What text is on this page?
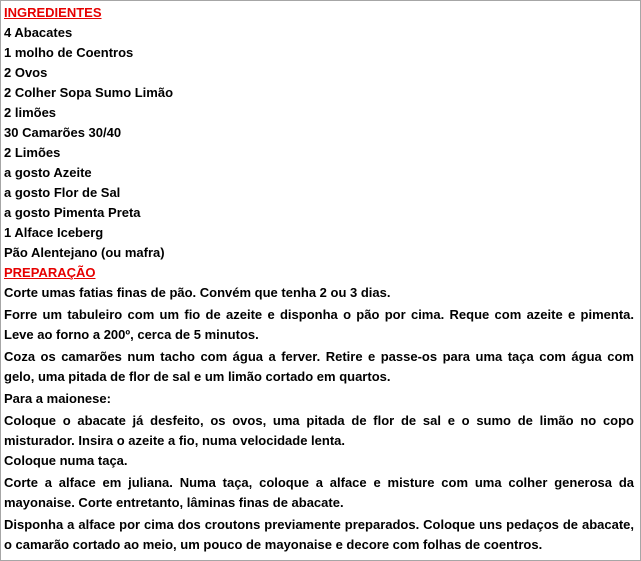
INGREDIENTES
4 Abacates
1 molho de Coentros
2 Ovos
2 Colher Sopa Sumo Limão
2 limões
30 Camarões 30/40
2 Limões
a gosto Azeite
a gosto Flor de Sal
a gosto Pimenta Preta
1 Alface Iceberg
Pão Alentejano (ou mafra)
PREPARAÇÃO

Corte umas fatias finas de pão. Convém que tenha 2 ou 3 dias.

Forre um tabuleiro com um fio de azeite e disponha o pão por cima. Reque com azeite e pimenta. Leve ao forno a 200º, cerca de 5 minutos.

Coza os camarões num tacho com água a ferver. Retire e passe-os para uma taça com água com gelo, uma pitada de flor de sal e um limão cortado em quartos.

Para a maionese:

Coloque o abacate já desfeito, os ovos, uma pitada de flor de sal e o sumo de limão no copo misturador. Insira o azeite a fio, numa velocidade lenta.

Coloque numa taça.

Corte a alface em juliana. Numa taça, coloque a alface e misture com uma colher generosa da mayonaise. Corte entretanto, lâminas finas de abacate.

Disponha a alface por cima dos croutons previamente preparados. Coloque uns pedaços de abacate, o camarão cortado ao meio, um pouco de mayonaise e decore com folhas de coentros.
